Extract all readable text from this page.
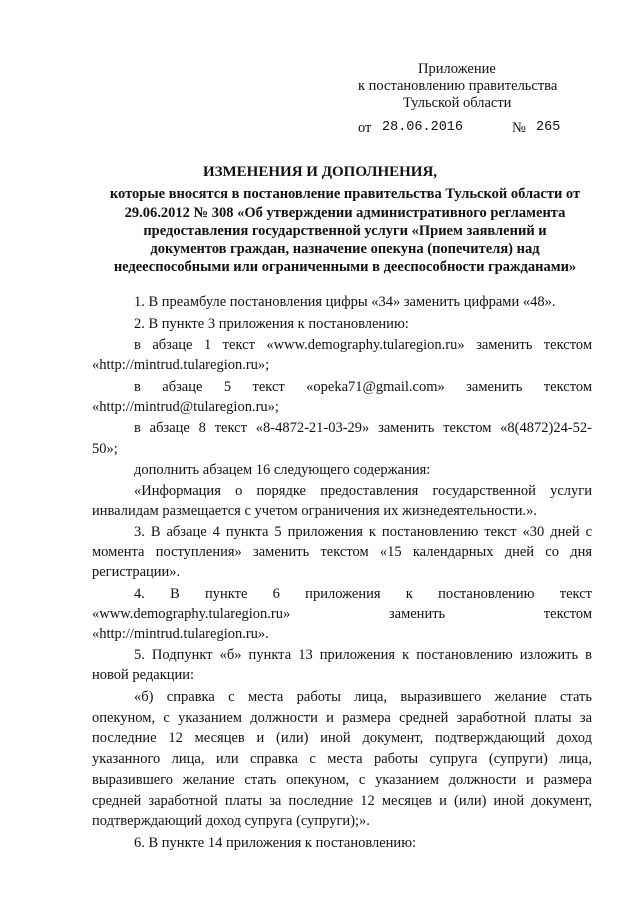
Приложение
к постановлению правительства
Тульской области
от 28.06.2016	№ 265
ИЗМЕНЕНИЯ И ДОПОЛНЕНИЯ,
которые вносятся в постановление правительства Тульской области от
29.06.2012 № 308 «Об утверждении административного регламента
предоставления государственной услуги «Прием заявлений и
документов граждан, назначение опекуна (попечителя) над
недееспособными или ограниченными в дееспособности гражданами»
1. В преамбуле постановления цифры «34» заменить цифрами «48».
2. В пункте 3 приложения к постановлению:
в абзаце 1 текст «www.demography.tularegion.ru» заменить текстом
«http://mintrud.tularegion.ru»;
в абзаце 5 текст «opeka71@gmail.com» заменить текстом
«http://mintrud@tularegion.ru»;
в абзаце 8 текст «8-4872-21-03-29» заменить текстом «8(4872)24-52-
50»;
дополнить абзацем 16 следующего содержания:
«Информация о порядке предоставления государственной услуги
инвалидам размещается с учетом ограничения их жизнедеятельности.».
3. В абзаце 4 пункта 5 приложения к постановлению текст «30 дней с
момента поступления» заменить текстом «15 календарных дней со дня
регистрации».
4. В пункте 6 приложения к постановлению текст
«www.demography.tularegion.ru» заменить текстом
«http://mintrud.tularegion.ru».
5. Подпункт «б» пункта 13 приложения к постановлению изложить в
новой редакции:
«б) справка с места работы лица, выразившего желание стать
опекуном, с указанием должности и размера средней заработной платы за
последние 12 месяцев и (или) иной документ, подтверждающий доход
указанного лица, или справка с места работы супруга (супруги) лица,
выразившего желание стать опекуном, с указанием должности и размера
средней заработной платы за последние 12 месяцев и (или) иной документ,
подтверждающий доход супруга (супруги);».
6. В пункте 14 приложения к постановлению:
